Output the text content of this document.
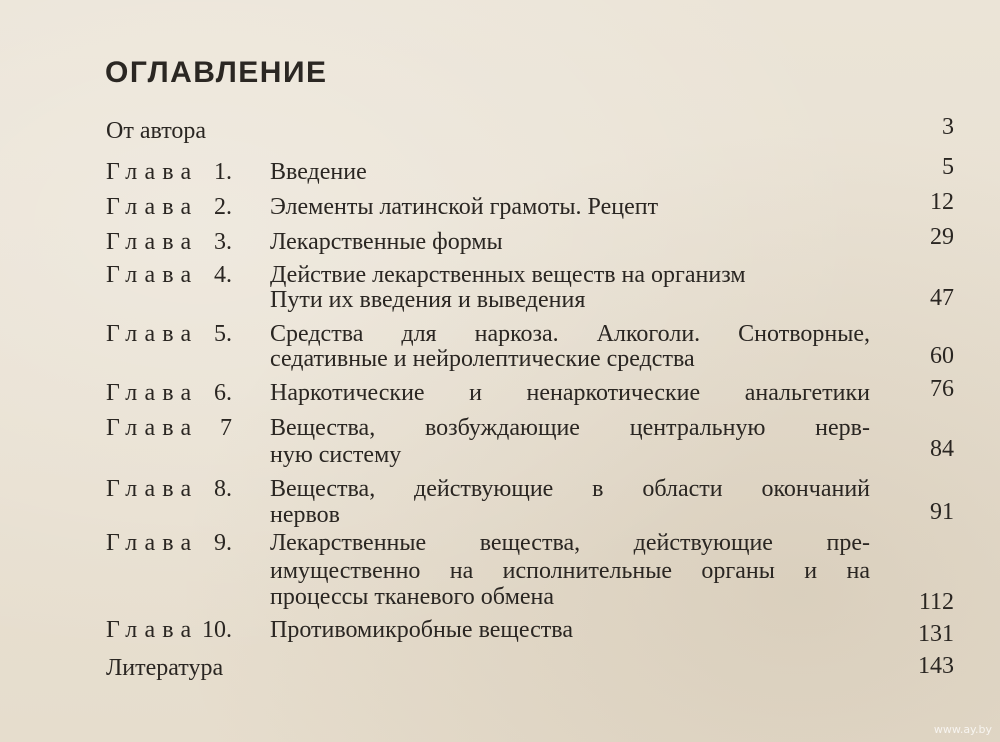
ОГЛАВЛЕНИЕ
От автора	3
Глава 1. Введение	5
Глава 2. Элементы латинской грамоты. Рецепт	12
Глава 3. Лекарственные формы	29
Глава 4. Действие лекарственных веществ на организм
Пути их введения и выведения	47
Глава 5. Средства для наркоза. Алкоголи. Снотворные,
седативные и нейролептические средства	60
Глава 6. Наркотические и ненаркотические анальгетики	76
Глава 7 Вещества, возбуждающие центральную нерв-
ную систему	84
Глава 8. Вещества, действующие в области окончаний
нервов	91
Глава 9. Лекарственные вещества, действующие пре-
имущественно на исполнительные органы и на
процессы тканевого обмена	112
Глава 10. Противомикробные вещества	131
Литература	143
www.ay.by
